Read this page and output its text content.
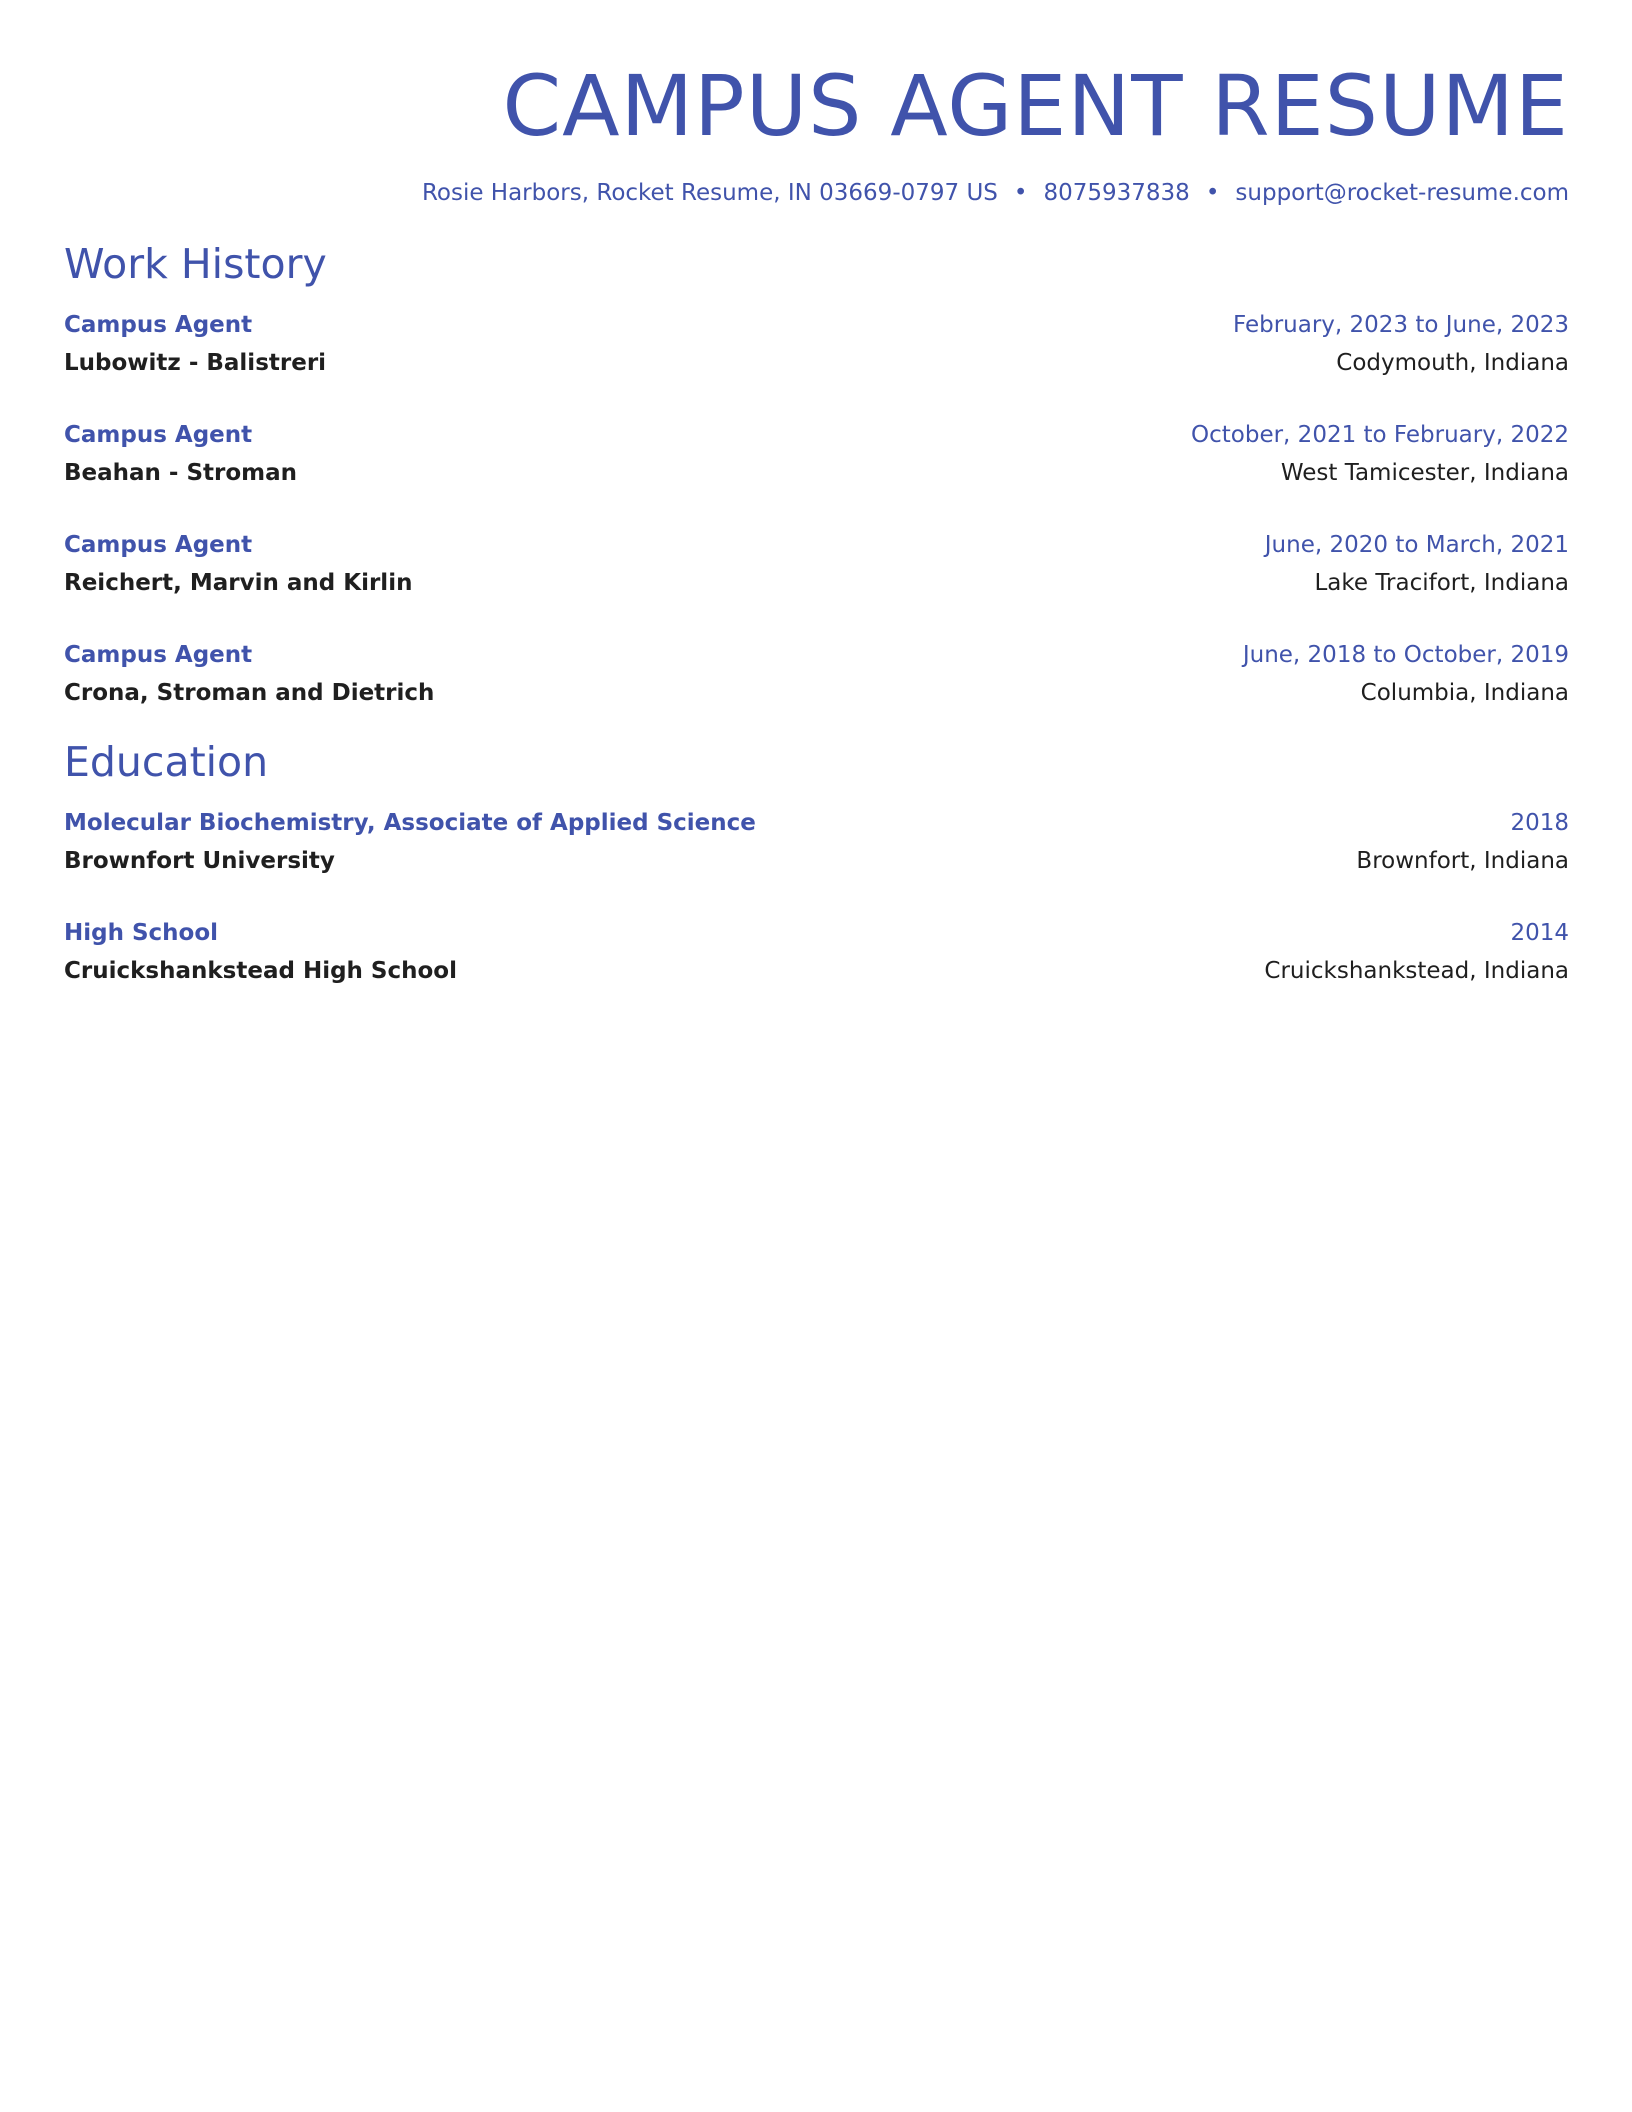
CAMPUS AGENT RESUME
Rosie Harbors, Rocket Resume, IN 03669-0797 US • 8075937838 • support@rocket-resume.com
Work History
Campus Agent	February, 2023 to June, 2023
Lubowitz - Balistreri	Codymouth, Indiana
Campus Agent	October, 2021 to February, 2022
Beahan - Stroman	West Tamicester, Indiana
Campus Agent	June, 2020 to March, 2021
Reichert, Marvin and Kirlin	Lake Tracifort, Indiana
Campus Agent	June, 2018 to October, 2019
Crona, Stroman and Dietrich	Columbia, Indiana
Education
Molecular Biochemistry, Associate of Applied Science	2018
Brownfort University	Brownfort, Indiana
High School	2014
Cruickshankstead High School	Cruickshankstead, Indiana
